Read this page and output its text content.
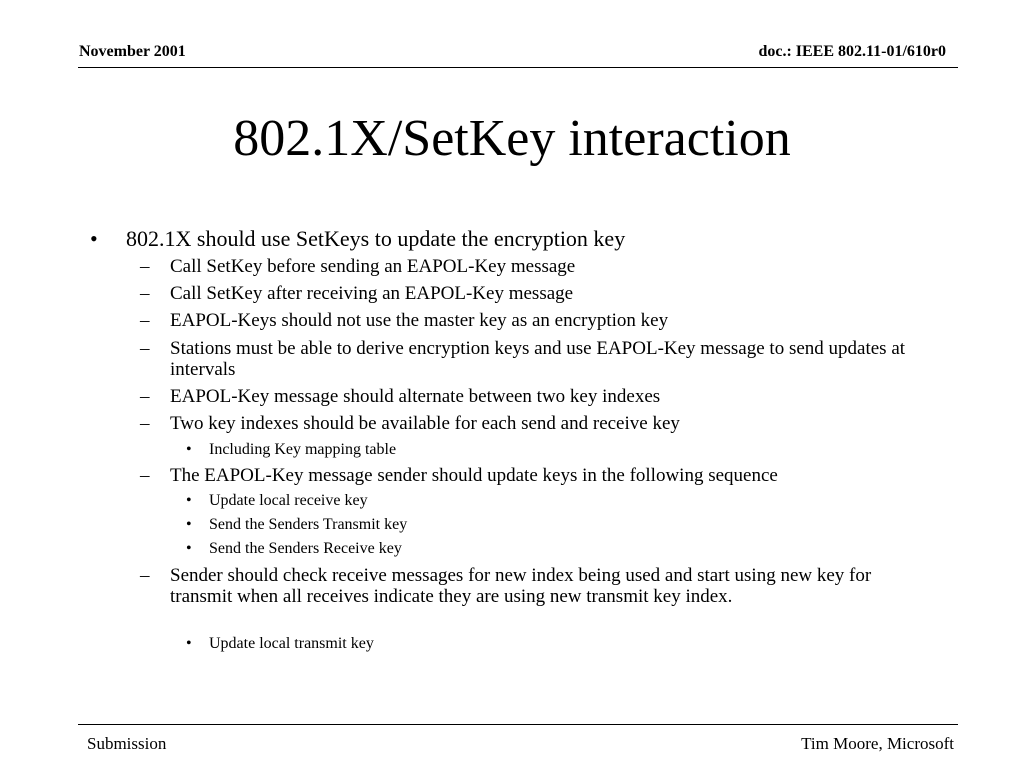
November 2001	doc.: IEEE 802.11-01/610r0
802.1X/SetKey interaction
• 802.1X should use SetKeys to update the encryption key
– Call SetKey before sending an EAPOL-Key message
– Call SetKey after receiving an EAPOL-Key message
– EAPOL-Keys should not use the master key as an encryption key
– Stations must be able to derive encryption keys and use EAPOL-Key message to send updates at intervals
– EAPOL-Key message should alternate between two key indexes
– Two key indexes should be available for each send and receive key
• Including Key mapping table
– The EAPOL-Key message sender should update keys in the following sequence
• Update local receive key
• Send the Senders Transmit key
• Send the Senders Receive key
– Sender should check receive messages for new index being used and start using new key for transmit when all receives indicate they are using new transmit key index.
• Update local transmit key
Submission	Tim Moore, Microsoft
